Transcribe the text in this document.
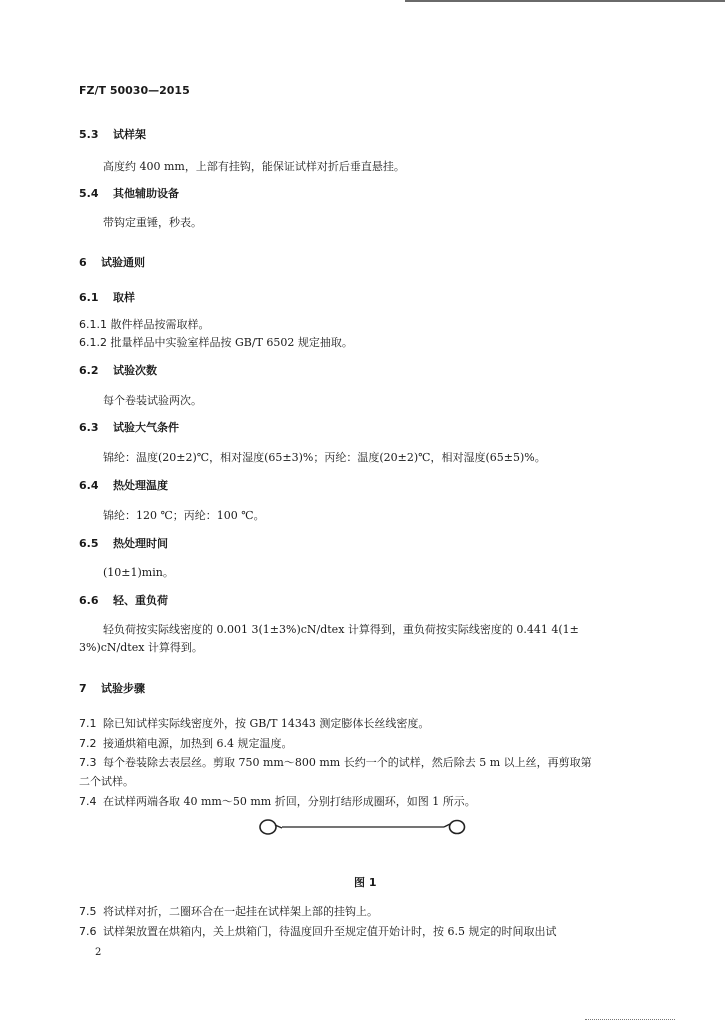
FZ/T 50030—2015
5.3 试样架
高度约 400 mm，上部有挂钩，能保证试样对折后垂直悬挂。
5.4 其他辅助设备
带钩定重锤，秒表。
6 试验通则
6.1 取样
6.1.1 散件样品按需取样。
6.1.2 批量样品中实验室样品按 GB/T 6502 规定抽取。
6.2 试验次数
每个卷装试验两次。
6.3 试验大气条件
锦纶：温度(20±2)℃，相对湿度(65±3)%；丙纶：温度(20±2)℃，相对湿度(65±5)%。
6.4 热处理温度
锦纶：120 ℃；丙纶：100 ℃。
6.5 热处理时间
(10±1)min。
6.6 轻、重负荷
轻负荷按实际线密度的 0.001 3(1±3%)cN/dtex 计算得到，重负荷按实际线密度的 0.441 4(1±
3%)cN/dtex 计算得到。
7 试验步骤
7.1 除已知试样实际线密度外，按 GB/T 14343 测定膨体长丝线密度。
7.2 接通烘箱电源，加热到 6.4 规定温度。
7.3 每个卷装除去表层丝。剪取 750 mm～800 mm 长约一个的试样，然后除去 5 m 以上丝，再剪取第
二个试样。
7.4 在试样两端各取 40 mm～50 mm 折回，分别打结形成圈环，如图 1 所示。
图 1
7.5 将试样对折，二圈环合在一起挂在试样架上部的挂钩上。
7.6 试样架放置在烘箱内，关上烘箱门，待温度回升至规定值开始计时，按 6.5 规定的时间取出试
2
